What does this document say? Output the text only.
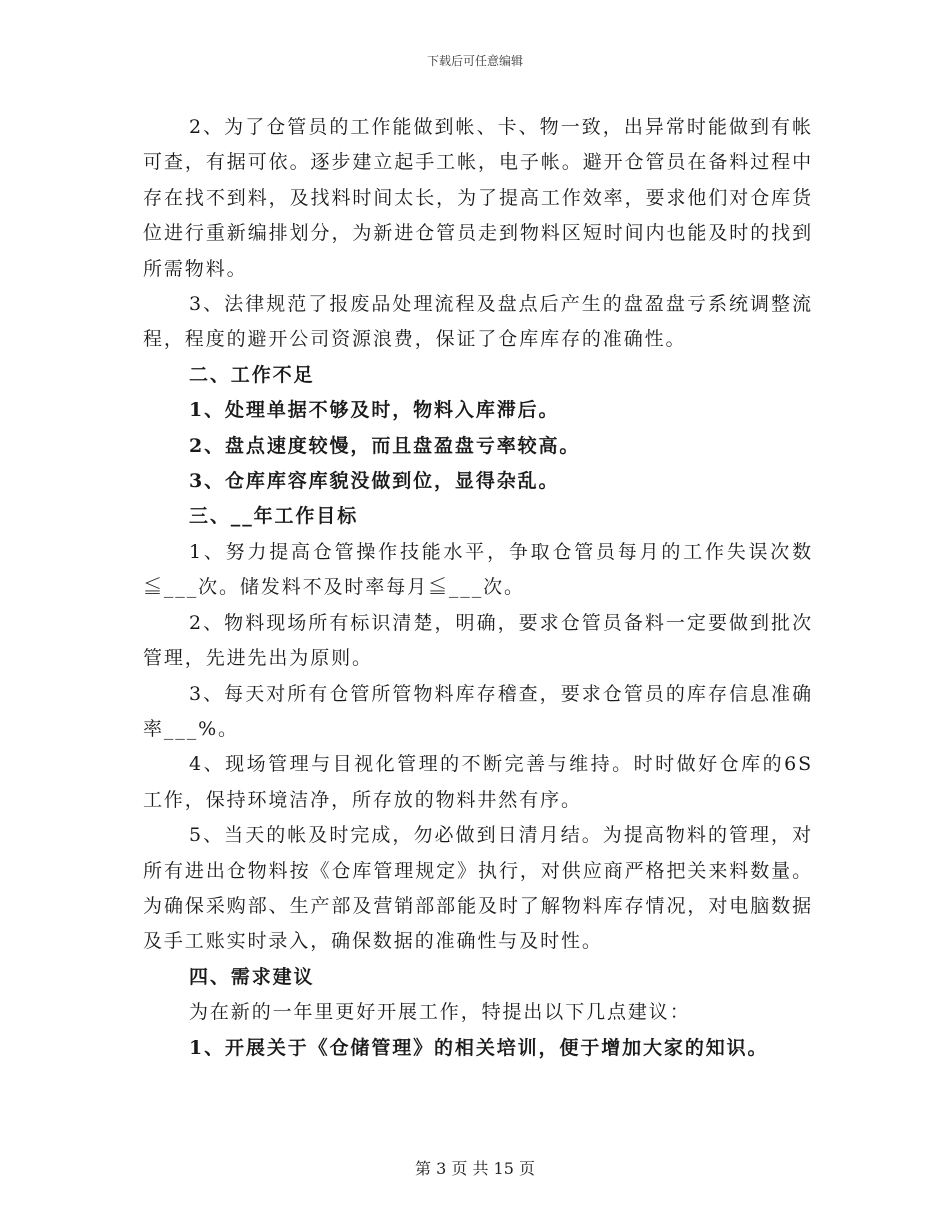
下载后可任意编辑

2、为了仓管员的工作能做到帐、卡、物一致，出异常时能做到有帐可查，有据可依。逐步建立起手工帐，电子帐。避开仓管员在备料过程中存在找不到料，及找料时间太长，为了提高工作效率，要求他们对仓库货位进行重新编排划分，为新进仓管员走到物料区短时间内也能及时的找到所需物料。

3、法律规范了报废品处理流程及盘点后产生的盘盈盘亏系统调整流程，程度的避开公司资源浪费，保证了仓库库存的准确性。

二、工作不足

1、处理单据不够及时，物料入库滞后。

2、盘点速度较慢，而且盘盈盘亏率较高。

3、仓库库容库貌没做到位，显得杂乱。

三、__年工作目标

1、努力提高仓管操作技能水平，争取仓管员每月的工作失误次数≦___次。储发料不及时率每月≦___次。

2、物料现场所有标识清楚，明确，要求仓管员备料一定要做到批次管理，先进先出为原则。

3、每天对所有仓管所管物料库存稽查，要求仓管员的库存信息准确率___%。

4、现场管理与目视化管理的不断完善与维持。时时做好仓库的6S工作，保持环境洁净，所存放的物料井然有序。

5、当天的帐及时完成，勿必做到日清月结。为提高物料的管理，对所有进出仓物料按《仓库管理规定》执行，对供应商严格把关来料数量。为确保采购部、生产部及营销部部能及时了解物料库存情况，对电脑数据及手工账实时录入，确保数据的准确性与及时性。

四、需求建议

为在新的一年里更好开展工作，特提出以下几点建议：

1、开展关于《仓储管理》的相关培训，便于增加大家的知识。

第 3 页 共 15 页
